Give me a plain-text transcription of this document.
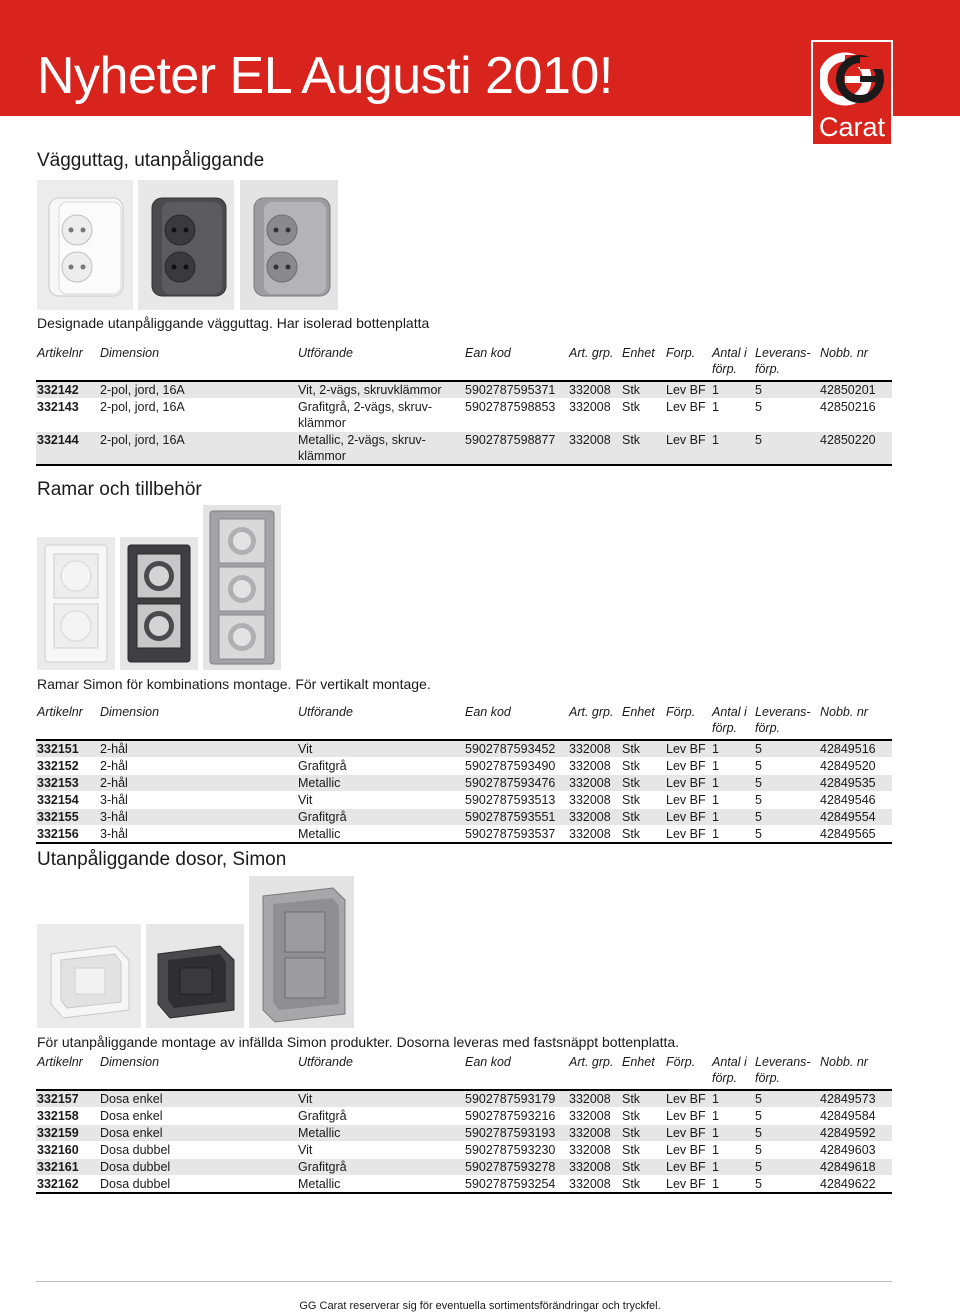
Nyheter EL Augusti 2010!
Carat
Vägguttag, utanpåliggande
Designade utanpåliggande vägguttag. Har isolerad bottenplatta
Artikelnr	Dimension	Utförande	Ean kod	Art. grp.	Enhet	Forp.	Antal i förp.	Leverans-förp.	Nobb. nr
332142	2-pol, jord, 16A	Vit, 2-vägs, skruvklämmor	5902787595371	332008	Stk	Lev BF	1	5	42850201
332143	2-pol, jord, 16A	Grafitgrå, 2-vägs, skruv-klämmor	5902787598853	332008	Stk	Lev BF	1	5	42850216
332144	2-pol, jord, 16A	Metallic, 2-vägs, skruv-klämmor	5902787598877	332008	Stk	Lev BF	1	5	42850220
Ramar och tillbehör
Ramar Simon för kombinations montage. För vertikalt montage.
Artikelnr	Dimension	Utförande	Ean kod	Art. grp.	Enhet	Förp.	Antal i förp.	Leverans-förp.	Nobb. nr
332151	2-hål	Vit	5902787593452	332008	Stk	Lev BF	1	5	42849516
332152	2-hål	Grafitgrå	5902787593490	332008	Stk	Lev BF	1	5	42849520
332153	2-hål	Metallic	5902787593476	332008	Stk	Lev BF	1	5	42849535
332154	3-hål	Vit	5902787593513	332008	Stk	Lev BF	1	5	42849546
332155	3-hål	Grafitgrå	5902787593551	332008	Stk	Lev BF	1	5	42849554
332156	3-hål	Metallic	5902787593537	332008	Stk	Lev BF	1	5	42849565
Utanpåliggande dosor, Simon
För utanpåliggande montage av infällda Simon produkter. Dosorna leveras med fastsnäppt bottenplatta.
Artikelnr	Dimension	Utförande	Ean kod	Art. grp.	Enhet	Förp.	Antal i förp.	Leverans-förp.	Nobb. nr
332157	Dosa enkel	Vit	5902787593179	332008	Stk	Lev BF	1	5	42849573
332158	Dosa enkel	Grafitgrå	5902787593216	332008	Stk	Lev BF	1	5	42849584
332159	Dosa enkel	Metallic	5902787593193	332008	Stk	Lev BF	1	5	42849592
332160	Dosa dubbel	Vit	5902787593230	332008	Stk	Lev BF	1	5	42849603
332161	Dosa dubbel	Grafitgrå	5902787593278	332008	Stk	Lev BF	1	5	42849618
332162	Dosa dubbel	Metallic	5902787593254	332008	Stk	Lev BF	1	5	42849622
GG Carat reserverar sig för eventuella sortimentsförändringar och tryckfel.
